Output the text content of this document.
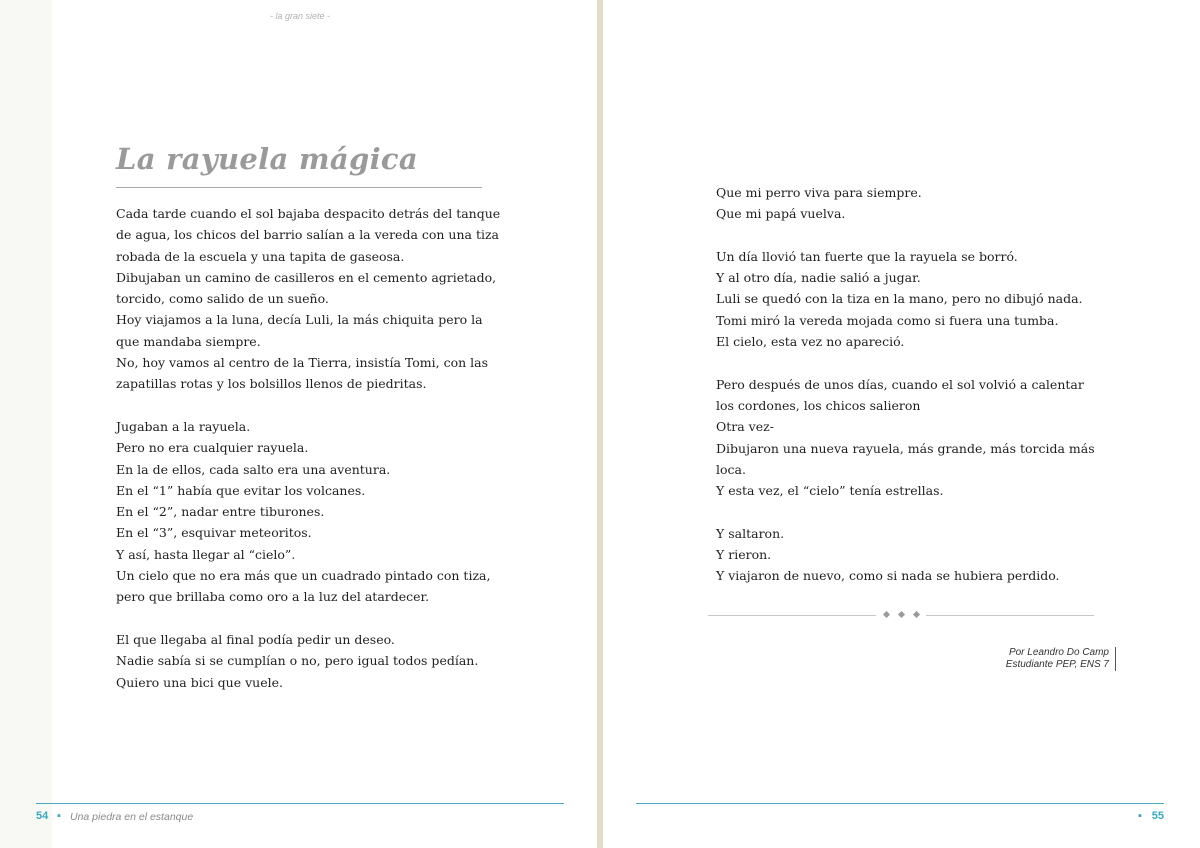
- la gran siete -
La rayuela mágica

Cada tarde cuando el sol bajaba despacito detrás del tanque
de agua, los chicos del barrio salían a la vereda con una tiza
robada de la escuela y una tapita de gaseosa.
Dibujaban un camino de casilleros en el cemento agrietado,
torcido, como salido de un sueño.
Hoy viajamos a la luna, decía Luli, la más chiquita pero la
que mandaba siempre.
No, hoy vamos al centro de la Tierra, insistía Tomi, con las
zapatillas rotas y los bolsillos llenos de piedritas.

Jugaban a la rayuela.
Pero no era cualquier rayuela.
En la de ellos, cada salto era una aventura.
En el “1” había que evitar los volcanes.
En el “2”, nadar entre tiburones.
En el “3”, esquivar meteoritos.
Y así, hasta llegar al “cielo”.
Un cielo que no era más que un cuadrado pintado con tiza,
pero que brillaba como oro a la luz del atardecer.

El que llegaba al final podía pedir un deseo.
Nadie sabía si se cumplían o no, pero igual todos pedían.
Quiero una bici que vuele.

Que mi perro viva para siempre.
Que mi papá vuelva.

Un día llovió tan fuerte que la rayuela se borró.
Y al otro día, nadie salió a jugar.
Luli se quedó con la tiza en la mano, pero no dibujó nada.
Tomi miró la vereda mojada como si fuera una tumba.
El cielo, esta vez no apareció.

Pero después de unos días, cuando el sol volvió a calentar
los cordones, los chicos salieron
Otra vez-
Dibujaron una nueva rayuela, más grande, más torcida más
loca.
Y esta vez, el “cielo” tenía estrellas.

Y saltaron.
Y rieron.
Y viajaron de nuevo, como si nada se hubiera perdido.

Por Leandro Do Camp
Estudiante PEP, ENS 7
54 ▪ Una piedra en el estanque	▪ 55
